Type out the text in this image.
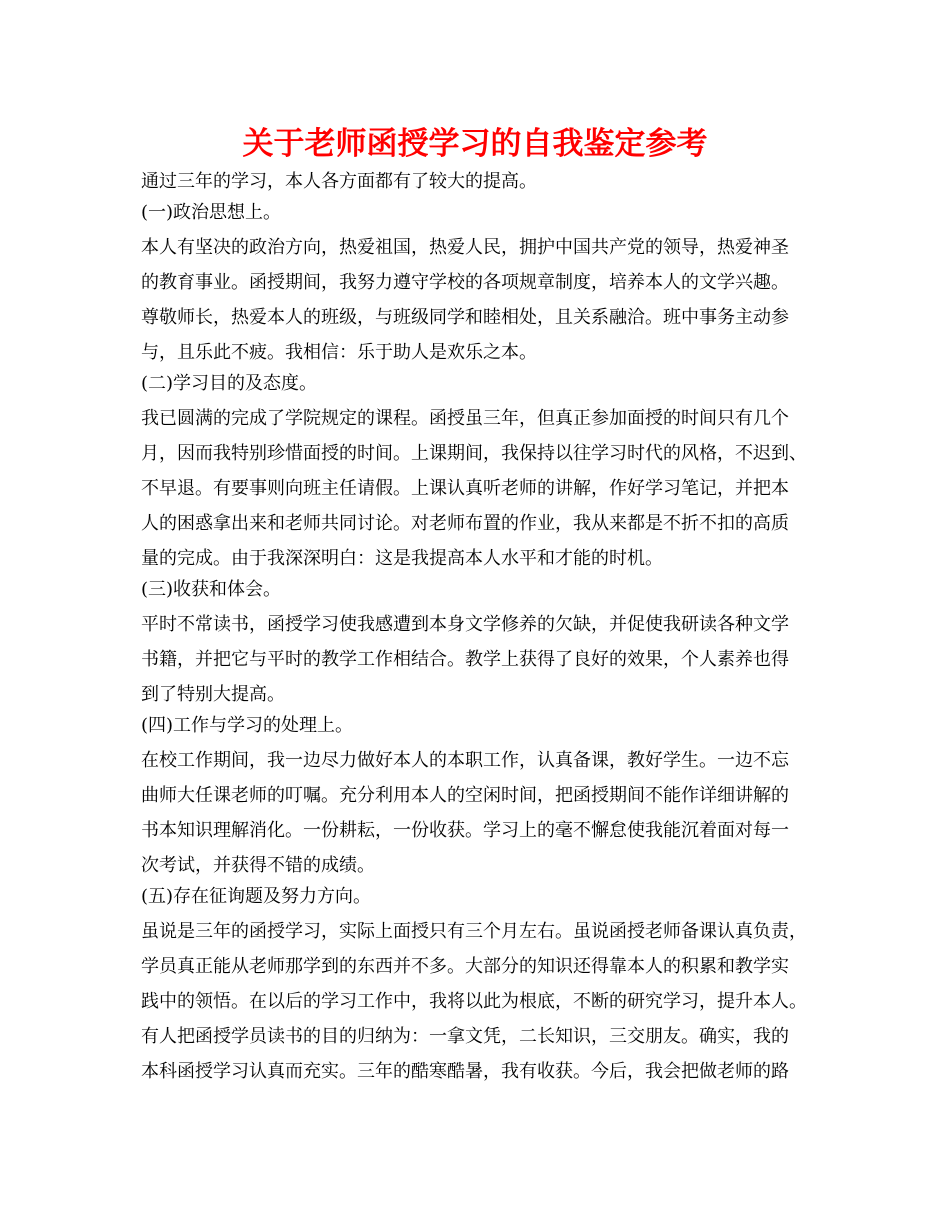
关于老师函授学习的自我鉴定参考
通过三年的学习，本人各方面都有了较大的提高。
(一)政治思想上。
本人有坚决的政治方向，热爱祖国，热爱人民，拥护中国共产党的领导，热爱神圣
的教育事业。函授期间，我努力遵守学校的各项规章制度，培养本人的文学兴趣。
尊敬师长，热爱本人的班级，与班级同学和睦相处，且关系融洽。班中事务主动参
与，且乐此不疲。我相信：乐于助人是欢乐之本。
(二)学习目的及态度。
我已圆满的完成了学院规定的课程。函授虽三年，但真正参加面授的时间只有几个
月，因而我特别珍惜面授的时间。上课期间，我保持以往学习时代的风格，不迟到、
不早退。有要事则向班主任请假。上课认真听老师的讲解，作好学习笔记，并把本
人的困惑拿出来和老师共同讨论。对老师布置的作业，我从来都是不折不扣的高质
量的完成。由于我深深明白：这是我提高本人水平和才能的时机。
(三)收获和体会。
平时不常读书，函授学习使我感遭到本身文学修养的欠缺，并促使我研读各种文学
书籍，并把它与平时的教学工作相结合。教学上获得了良好的效果，个人素养也得
到了特别大提高。
(四)工作与学习的处理上。
在校工作期间，我一边尽力做好本人的本职工作，认真备课，教好学生。一边不忘
曲师大任课老师的叮嘱。充分利用本人的空闲时间，把函授期间不能作详细讲解的
书本知识理解消化。一份耕耘，一份收获。学习上的毫不懈怠使我能沉着面对每一
次考试，并获得不错的成绩。
(五)存在征询题及努力方向。
虽说是三年的函授学习，实际上面授只有三个月左右。虽说函授老师备课认真负责，
学员真正能从老师那学到的东西并不多。大部分的知识还得靠本人的积累和教学实
践中的领悟。在以后的学习工作中，我将以此为根底，不断的研究学习，提升本人。
有人把函授学员读书的目的归纳为：一拿文凭，二长知识，三交朋友。确实，我的
本科函授学习认真而充实。三年的酷寒酷暑，我有收获。今后，我会把做老师的路
